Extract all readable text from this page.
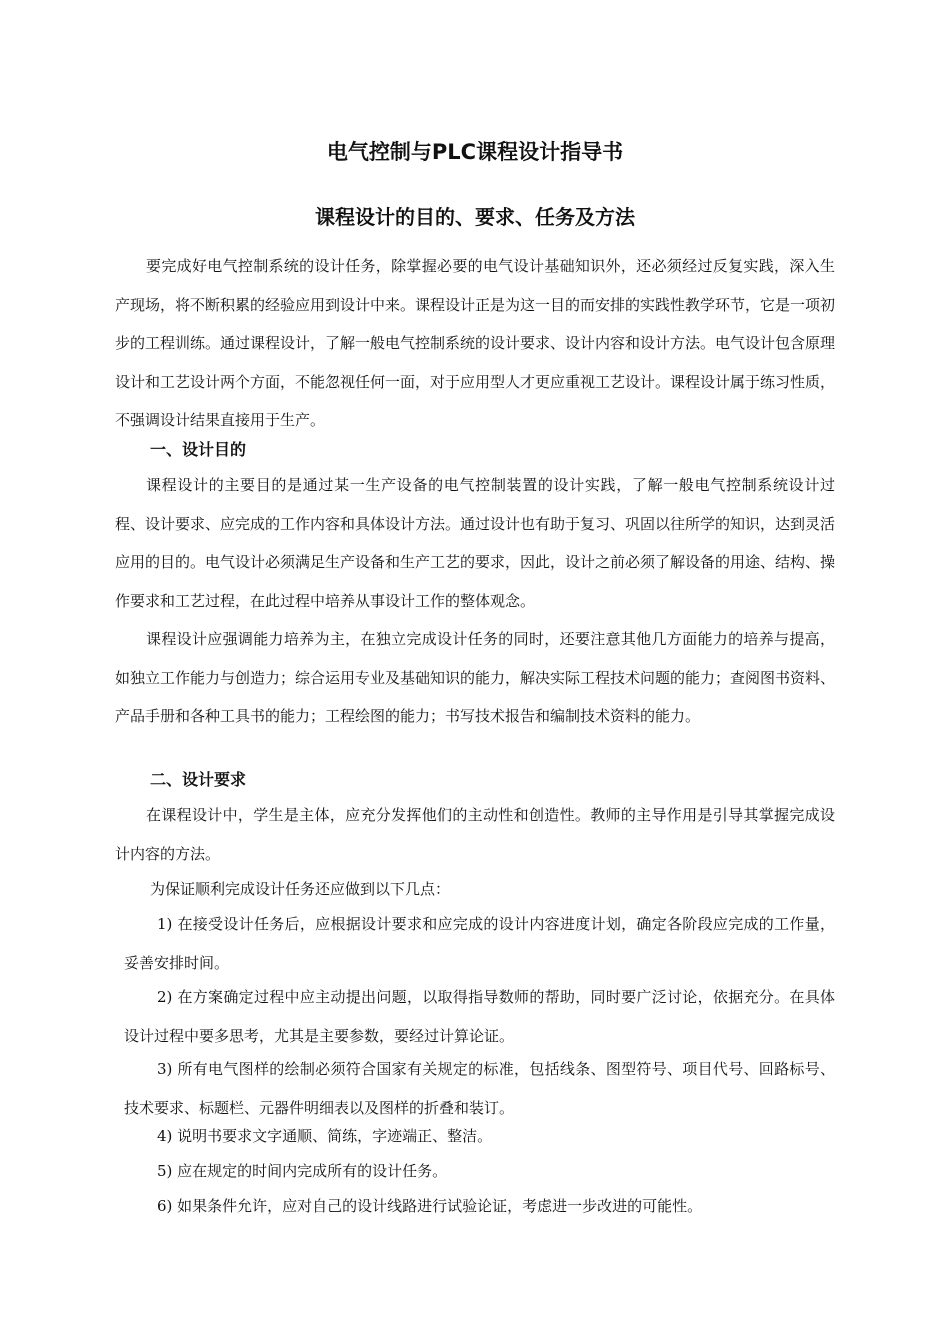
电气控制与PLC课程设计指导书
课程设计的目的、要求、任务及方法

要完成好电气控制系统的设计任务，除掌握必要的电气设计基础知识外，还必须经过反复实践，深入生产现场，将不断积累的经验应用到设计中来。课程设计正是为这一目的而安排的实践性教学环节，它是一项初步的工程训练。通过课程设计，了解一般电气控制系统的设计要求、设计内容和设计方法。电气设计包含原理设计和工艺设计两个方面，不能忽视任何一面，对于应用型人才更应重视工艺设计。课程设计属于练习性质，不强调设计结果直接用于生产。

一、设计目的

课程设计的主要目的是通过某一生产设备的电气控制装置的设计实践，了解一般电气控制系统设计过程、设计要求、应完成的工作内容和具体设计方法。通过设计也有助于复习、巩固以往所学的知识，达到灵活应用的目的。电气设计必须满足生产设备和生产工艺的要求，因此，设计之前必须了解设备的用途、结构、操作要求和工艺过程，在此过程中培养从事设计工作的整体观念。

课程设计应强调能力培养为主，在独立完成设计任务的同时，还要注意其他几方面能力的培养与提高，如独立工作能力与创造力；综合运用专业及基础知识的能力，解决实际工程技术问题的能力；查阅图书资料、产品手册和各种工具书的能力；工程绘图的能力；书写技术报告和编制技术资料的能力。

二、设计要求

在课程设计中，学生是主体，应充分发挥他们的主动性和创造性。教师的主导作用是引导其掌握完成设计内容的方法。

为保证顺利完成设计任务还应做到以下几点：

1) 在接受设计任务后，应根据设计要求和应完成的设计内容进度计划，确定各阶段应完成的工作量，妥善安排时间。

2) 在方案确定过程中应主动提出问题，以取得指导数师的帮助，同时要广泛讨论，依据充分。在具体设计过程中要多思考，尤其是主要参数，要经过计算论证。

3) 所有电气图样的绘制必须符合国家有关规定的标准，包括线条、图型符号、项目代号、回路标号、技术要求、标题栏、元器件明细表以及图样的折叠和装订。

4) 说明书要求文字通顺、简练，字迹端正、整洁。

5) 应在规定的时间内完成所有的设计任务。

6) 如果条件允许，应对自己的设计线路进行试验论证，考虑进一步改进的可能性。
